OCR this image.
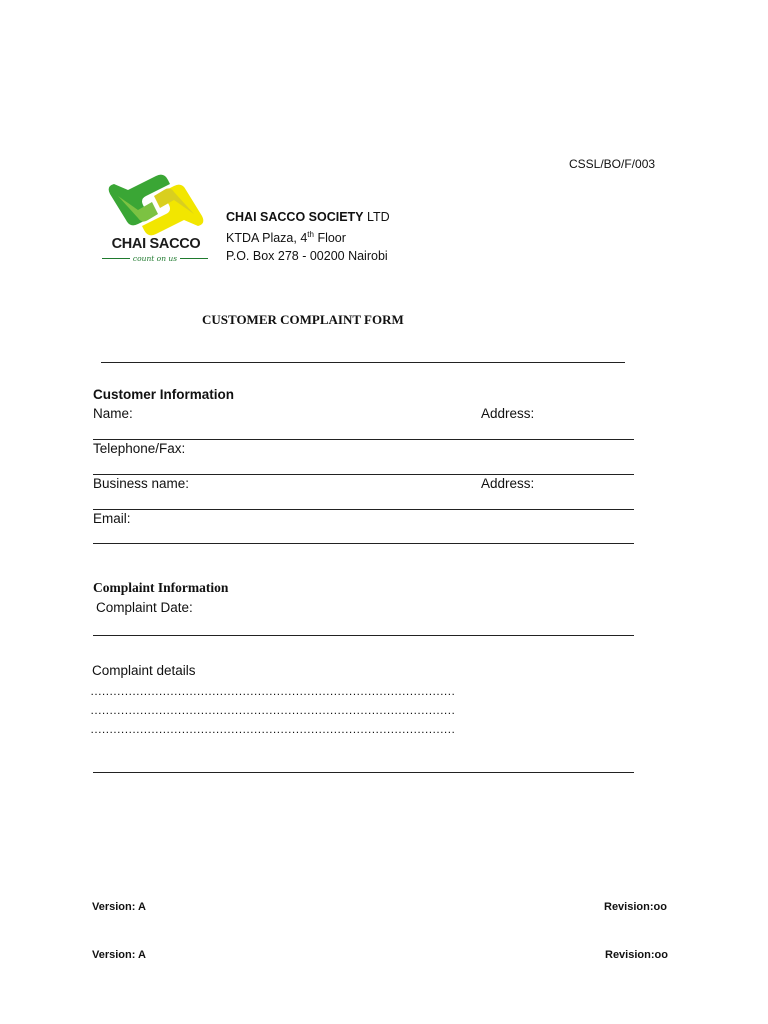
CSSL/BO/F/003
CHAI SACCO
count on us
CHAI SACCO SOCIETY LTD
KTDA Plaza, 4th Floor
P.O. Box 278 - 00200 Nairobi
CUSTOMER COMPLAINT FORM
Customer Information
Name:	Address:
Telephone/Fax:
Business name:	Address:
Email:
Complaint Information
Complaint Date:
Complaint details
……………………………………………………………………………………
……………………………………………………………………………………
……………………………………………………………………………………
Version: A	Revision:oo
Version: A	Revision:oo
